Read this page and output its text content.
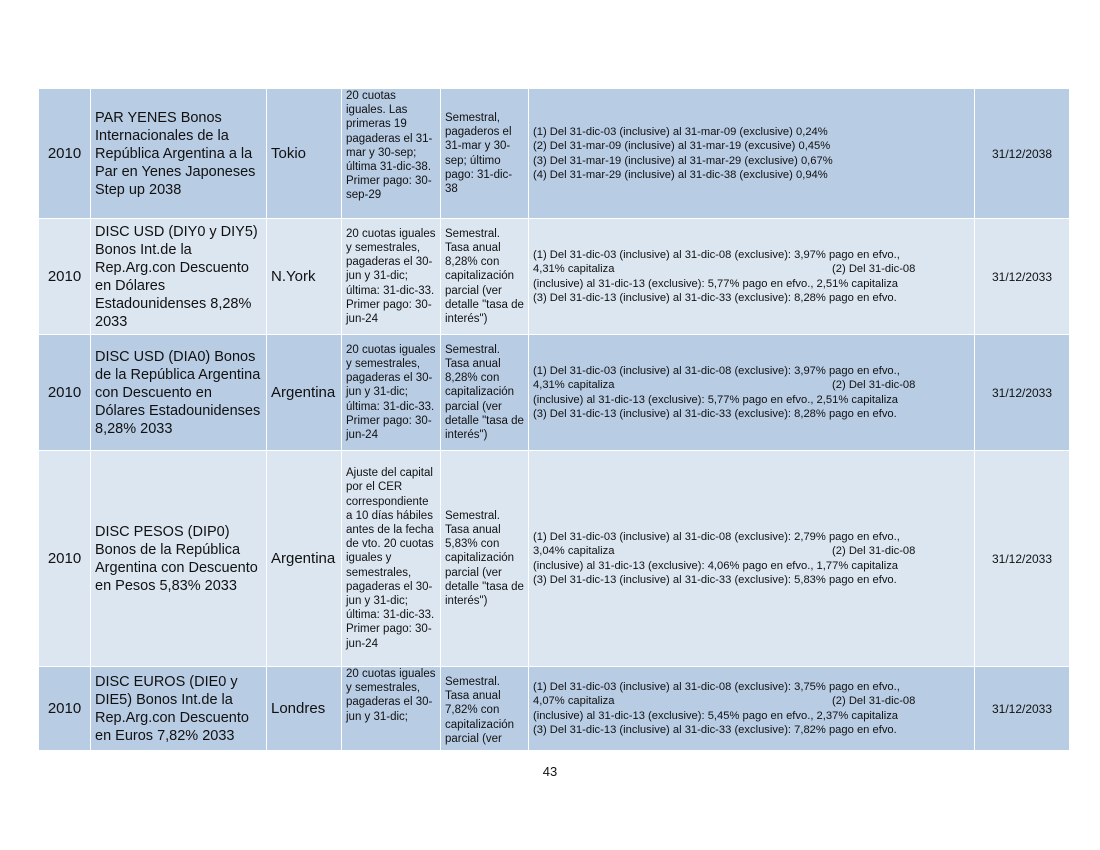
2010	PAR YENES Bonos Internacionales de la República Argentina a la Par en Yenes Japoneses Step up 2038	Tokio	20 cuotas iguales. Las primeras 19 pagaderas el 31-mar y 30-sep; última 31-dic-38. Primer pago: 30-sep-29	Semestral, pagaderos el 31-mar y 30-sep; último pago: 31-dic-38	(1) Del 31-dic-03 (inclusive) al 31-mar-09 (exclusive) 0,24%
(2) Del 31-mar-09 (inclusive) al 31-mar-19 (excusive) 0,45%
(3) Del 31-mar-19 (inclusive) al 31-mar-29 (exclusive) 0,67%
(4) Del 31-mar-29 (inclusive) al 31-dic-38 (exclusive) 0,94%	31/12/2038
2010	DISC USD (DIY0 y DIY5) Bonos Int.de la Rep.Arg.con Descuento en Dólares Estadounidenses 8,28% 2033	N.York	20 cuotas iguales y semestrales, pagaderas el 30-jun y 31-dic; última: 31-dic-33. Primer pago: 30-jun-24	Semestral. Tasa anual 8,28% con capitalización parcial (ver detalle "tasa de interés")	(1) Del 31-dic-03 (inclusive) al 31-dic-08 (exclusive): 3,97% pago en efvo.,
4,31% capitaliza                                                                      (2) Del 31-dic-08
(inclusive) al 31-dic-13 (exclusive): 5,77% pago en efvo., 2,51% capitaliza
(3) Del 31-dic-13 (inclusive) al 31-dic-33 (exclusive): 8,28% pago en efvo.	31/12/2033
2010	DISC USD (DIA0) Bonos de la República Argentina con Descuento en Dólares Estadounidenses 8,28% 2033	Argentina	20 cuotas iguales y semestrales, pagaderas el 30-jun y 31-dic; última: 31-dic-33. Primer pago: 30-jun-24	Semestral. Tasa anual 8,28% con capitalización parcial (ver detalle "tasa de interés")	(1) Del 31-dic-03 (inclusive) al 31-dic-08 (exclusive): 3,97% pago en efvo.,
4,31% capitaliza                                                                      (2) Del 31-dic-08
(inclusive) al 31-dic-13 (exclusive): 5,77% pago en efvo., 2,51% capitaliza
(3) Del 31-dic-13 (inclusive) al 31-dic-33 (exclusive): 8,28% pago en efvo.	31/12/2033
2010	DISC PESOS (DIP0) Bonos de la República Argentina con Descuento en Pesos 5,83% 2033	Argentina	Ajuste del capital por el CER correspondiente a 10 días hábiles antes de la fecha de vto. 20 cuotas iguales y semestrales, pagaderas el 30-jun y 31-dic; última: 31-dic-33. Primer pago: 30-jun-24	Semestral. Tasa anual 5,83% con capitalización parcial (ver detalle "tasa de interés")	(1) Del 31-dic-03 (inclusive) al 31-dic-08 (exclusive): 2,79% pago en efvo.,
3,04% capitaliza                                                                      (2) Del 31-dic-08
(inclusive) al 31-dic-13 (exclusive): 4,06% pago en efvo., 1,77% capitaliza
(3) Del 31-dic-13 (inclusive) al 31-dic-33 (exclusive): 5,83% pago en efvo.	31/12/2033
2010	DISC EUROS (DIE0 y DIE5) Bonos Int.de la Rep.Arg.con Descuento en Euros 7,82% 2033	Londres	20 cuotas iguales y semestrales, pagaderas el 30-jun y 31-dic;	Semestral. Tasa anual 7,82% con capitalización parcial (ver	(1) Del 31-dic-03 (inclusive) al 31-dic-08 (exclusive): 3,75% pago en efvo.,
4,07% capitaliza                                                                      (2) Del 31-dic-08
(inclusive) al 31-dic-13 (exclusive): 5,45% pago en efvo., 2,37% capitaliza
(3) Del 31-dic-13 (inclusive) al 31-dic-33 (exclusive): 7,82% pago en efvo.	31/12/2033
43
